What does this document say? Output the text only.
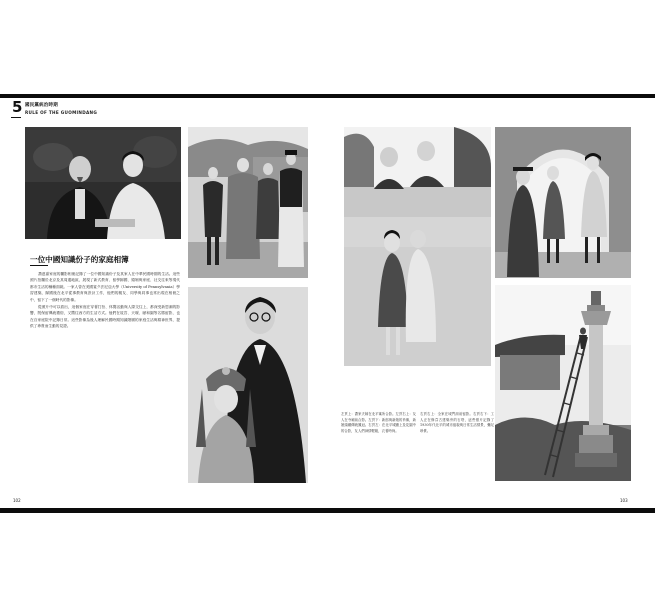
5 國民黨統治時期
RULE OF THE GUOMINDANG
一位中國知識份子的家庭相簿

喬達嘉家庭的攝影相冊記錄了一位中國知識份子及其家人在中華民國時期的生活。這些照片拍攝於北京及其周邊地區，展現了新式教育、留學歸國、婚姻與家庭、社交往來等現代都市生活的種種面貌。一家人曾在美國賓夕法尼亞大學（University of Pennsylvania）學習建築，歸國後在北平從事教育與設計工作，他們的親友、同學與同事也常出現在相冊之中，留下了一個時代的影像。

從照片中可以看出，這個家庭在穿著打扮、休閒活動與人際交往上，都深受新思潮的影響，既保留傳統禮俗，又嚮往西方的生活方式。他們在故宮、天壇、頤和園等名勝留影，也在自家庭院中記錄日常。這些影像為後人理解民國時期知識階層的家庭生活與精神世界，提供了珍貴而生動的見證。

左頁上：喬家夫婦在北平寓所合影。左頁右上：友人在寺廟前合影。左頁下：新郎與新娘的肖像，新娘頭戴傳統鳳冠。右頁左：在北平城牆上及花園中的合影，友人們神情輕鬆，衣著時尚。
右頁右上：全家在城門洞前留影。右頁右下：工人正在修葺古建築旁的石塔，這些照片記錄了1930年代北平的城市風貌與日常生活情景，彌足珍貴。
102	103
